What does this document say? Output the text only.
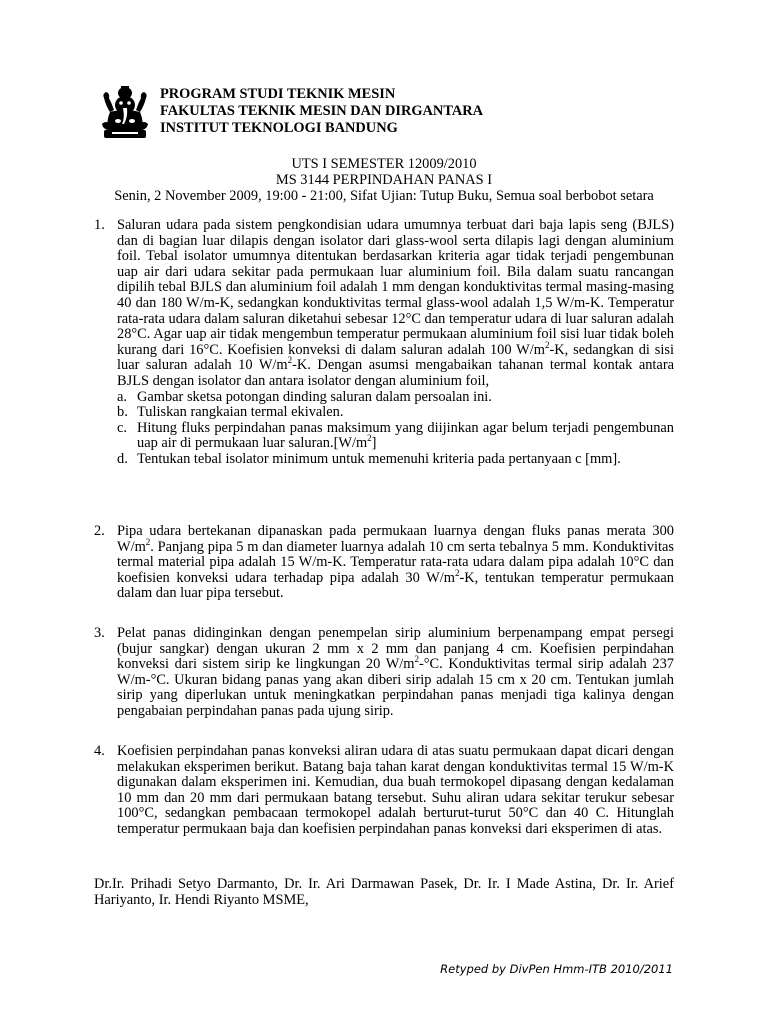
PROGRAM STUDI TEKNIK MESIN
FAKULTAS TEKNIK MESIN DAN DIRGANTARA
INSTITUT TEKNOLOGI BANDUNG
UTS I SEMESTER 12009/2010
MS 3144 PERPINDAHAN PANAS I
Senin, 2 November 2009, 19:00 - 21:00, Sifat Ujian: Tutup Buku, Semua soal berbobot setara
1. Saluran udara pada sistem pengkondisian udara umumnya terbuat dari baja lapis seng (BJLS) dan di bagian luar dilapis dengan isolator dari glass-wool serta dilapis lagi dengan aluminium foil. Tebal isolator umumnya ditentukan berdasarkan kriteria agar tidak terjadi pengembunan uap air dari udara sekitar pada permukaan luar aluminium foil. Bila dalam suatu rancangan dipilih tebal BJLS dan aluminium foil adalah 1 mm dengan konduktivitas termal masing-masing 40 dan 180 W/m-K, sedangkan konduktivitas termal glass-wool adalah 1,5 W/m-K. Temperatur rata-rata udara dalam saluran diketahui sebesar 12°C dan temperatur udara di luar saluran adalah 28°C. Agar uap air tidak mengembun temperatur permukaan aluminium foil sisi luar tidak boleh kurang dari 16°C. Koefisien konveksi di dalam saluran adalah 100 $W/m^2-K$, sedangkan di sisi luar saluran adalah 10 $W/m^2-K$. Dengan asumsi mengabaikan tahanan termal kontak antara BJLS dengan isolator dan antara isolator dengan aluminium foil,
a. Gambar sketsa potongan dinding saluran dalam persoalan ini.
b. Tuliskan rangkaian termal ekivalen.
c. Hitung fluks perpindahan panas maksimum yang diijinkan agar belum terjadi pengembunan uap air di permukaan luar $saluran.[W/m^2]$
d. Tentukan tebal isolator minimum untuk memenuhi kriteria pada pertanyaan c [mm].
2. Pipa udara bertekanan dipanaskan pada permukaan luarnya dengan fluks panas merata 300 $W/m^2$. Panjang pipa 5 m dan diameter luarnya adalah 10 cm serta tebalnya 5 mm. Konduktivitas termal material pipa adalah 15 W/m-K. Temperatur rata-rata udara dalam pipa adalah 10°C dan koefisien konveksi udara terhadap pipa adalah 30 $W/m^2-K$, tentukan temperatur permukaan dalam dan luar pipa tersebut.
3. Pelat panas didinginkan dengan penempelan sirip aluminium berpenampang empat persegi (bujur sangkar) dengan ukuran 2 mm x 2 mm dan panjang 4 cm. Koefisien perpindahan konveksi dari sistem sirip ke lingkungan 20 $W/m^2-^\circ C$. Konduktivitas termal sirip adalah 237 W/m-°C. Ukuran bidang panas yang akan diberi sirip adalah 15 cm x 20 cm. Tentukan jumlah sirip yang diperlukan untuk meningkatkan perpindahan panas menjadi tiga kalinya dengan pengabaian perpindahan panas pada ujung sirip.
4. Koefisien perpindahan panas konveksi aliran udara di atas suatu permukaan dapat dicari dengan melakukan eksperimen berikut. Batang baja tahan karat dengan konduktivitas termal 15 W/m-K digunakan dalam eksperimen ini. Kemudian, dua buah termokopel dipasang dengan kedalaman 10 mm dan 20 mm dari permukaan batang tersebut. Suhu aliran udara sekitar terukur sebesar 100°C, sedangkan pembacaan termokopel adalah berturut-turut 50°C dan 40 C. Hitunglah temperatur permukaan baja dan koefisien perpindahan panas konveksi dari eksperimen di atas.
Dr.Ir. Prihadi Setyo Darmanto, Dr. Ir. Ari Darmawan Pasek, Dr. Ir. I Made Astina, Dr. Ir. Arief Hariyanto, Ir. Hendi Riyanto MSME,
Retyped by DivPen Hmm-ITB 2010/2011
